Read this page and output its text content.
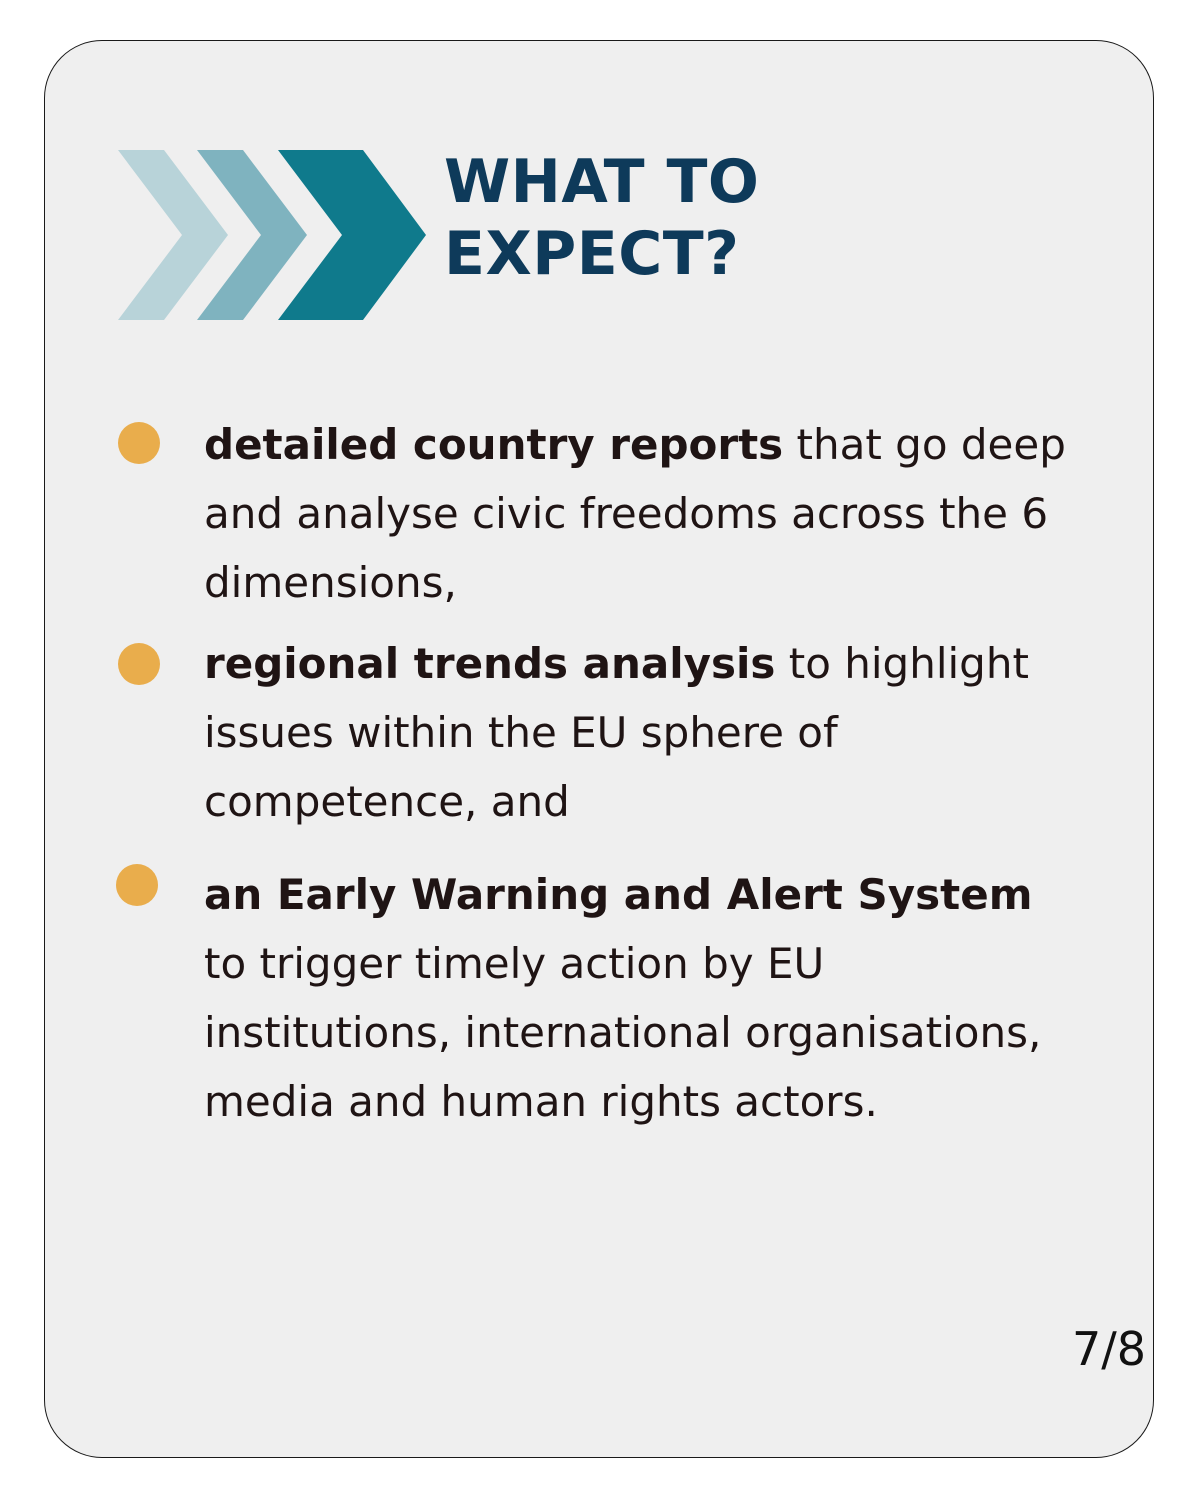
WHAT TO
EXPECT?

detailed country reports that go deep and analyse civic freedoms across the 6 dimensions,

regional trends analysis to highlight issues within the EU sphere of competence, and

an Early Warning and Alert System to trigger timely action by EU institutions, international organisations, media and human rights actors.

7/8
